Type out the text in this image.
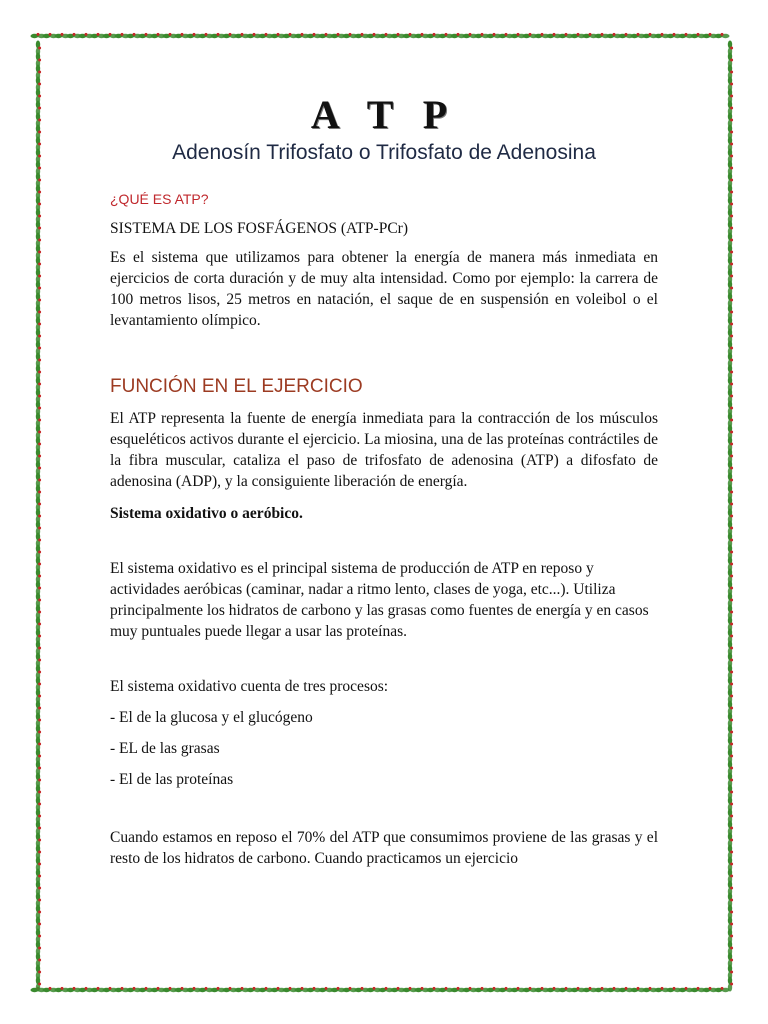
A T P
Adenosín Trifosfato o Trifosfato de Adenosina
¿QUÉ ES ATP?
SISTEMA DE LOS FOSFÁGENOS (ATP-PCr)

Es el sistema que utilizamos para obtener la energía de manera más inmediata en ejercicios de corta duración y de muy alta intensidad. Como por ejemplo: la carrera de 100 metros lisos, 25 metros en natación, el saque de en suspensión en voleibol o el levantamiento olímpico.

FUNCIÓN EN EL EJERCICIO

El ATP representa la fuente de energía inmediata para la contracción de los músculos esqueléticos activos durante el ejercicio. La miosina, una de las proteínas contráctiles de la fibra muscular, cataliza el paso de trifosfato de adenosina (ATP) a difosfato de adenosina (ADP), y la consiguiente liberación de energía.

Sistema oxidativo o aeróbico.

El sistema oxidativo es el principal sistema de producción de ATP en reposo y actividades aeróbicas (caminar, nadar a ritmo lento, clases de yoga, etc...). Utiliza principalmente los hidratos de carbono y las grasas como fuentes de energía y en casos muy puntuales puede llegar a usar las proteínas.

El sistema oxidativo cuenta de tres procesos:

- El de la glucosa y el glucógeno
- EL de las grasas
- El de las proteínas

Cuando estamos en reposo el 70% del ATP que consumimos proviene de las grasas y el resto de los hidratos de carbono. Cuando practicamos un ejercicio
